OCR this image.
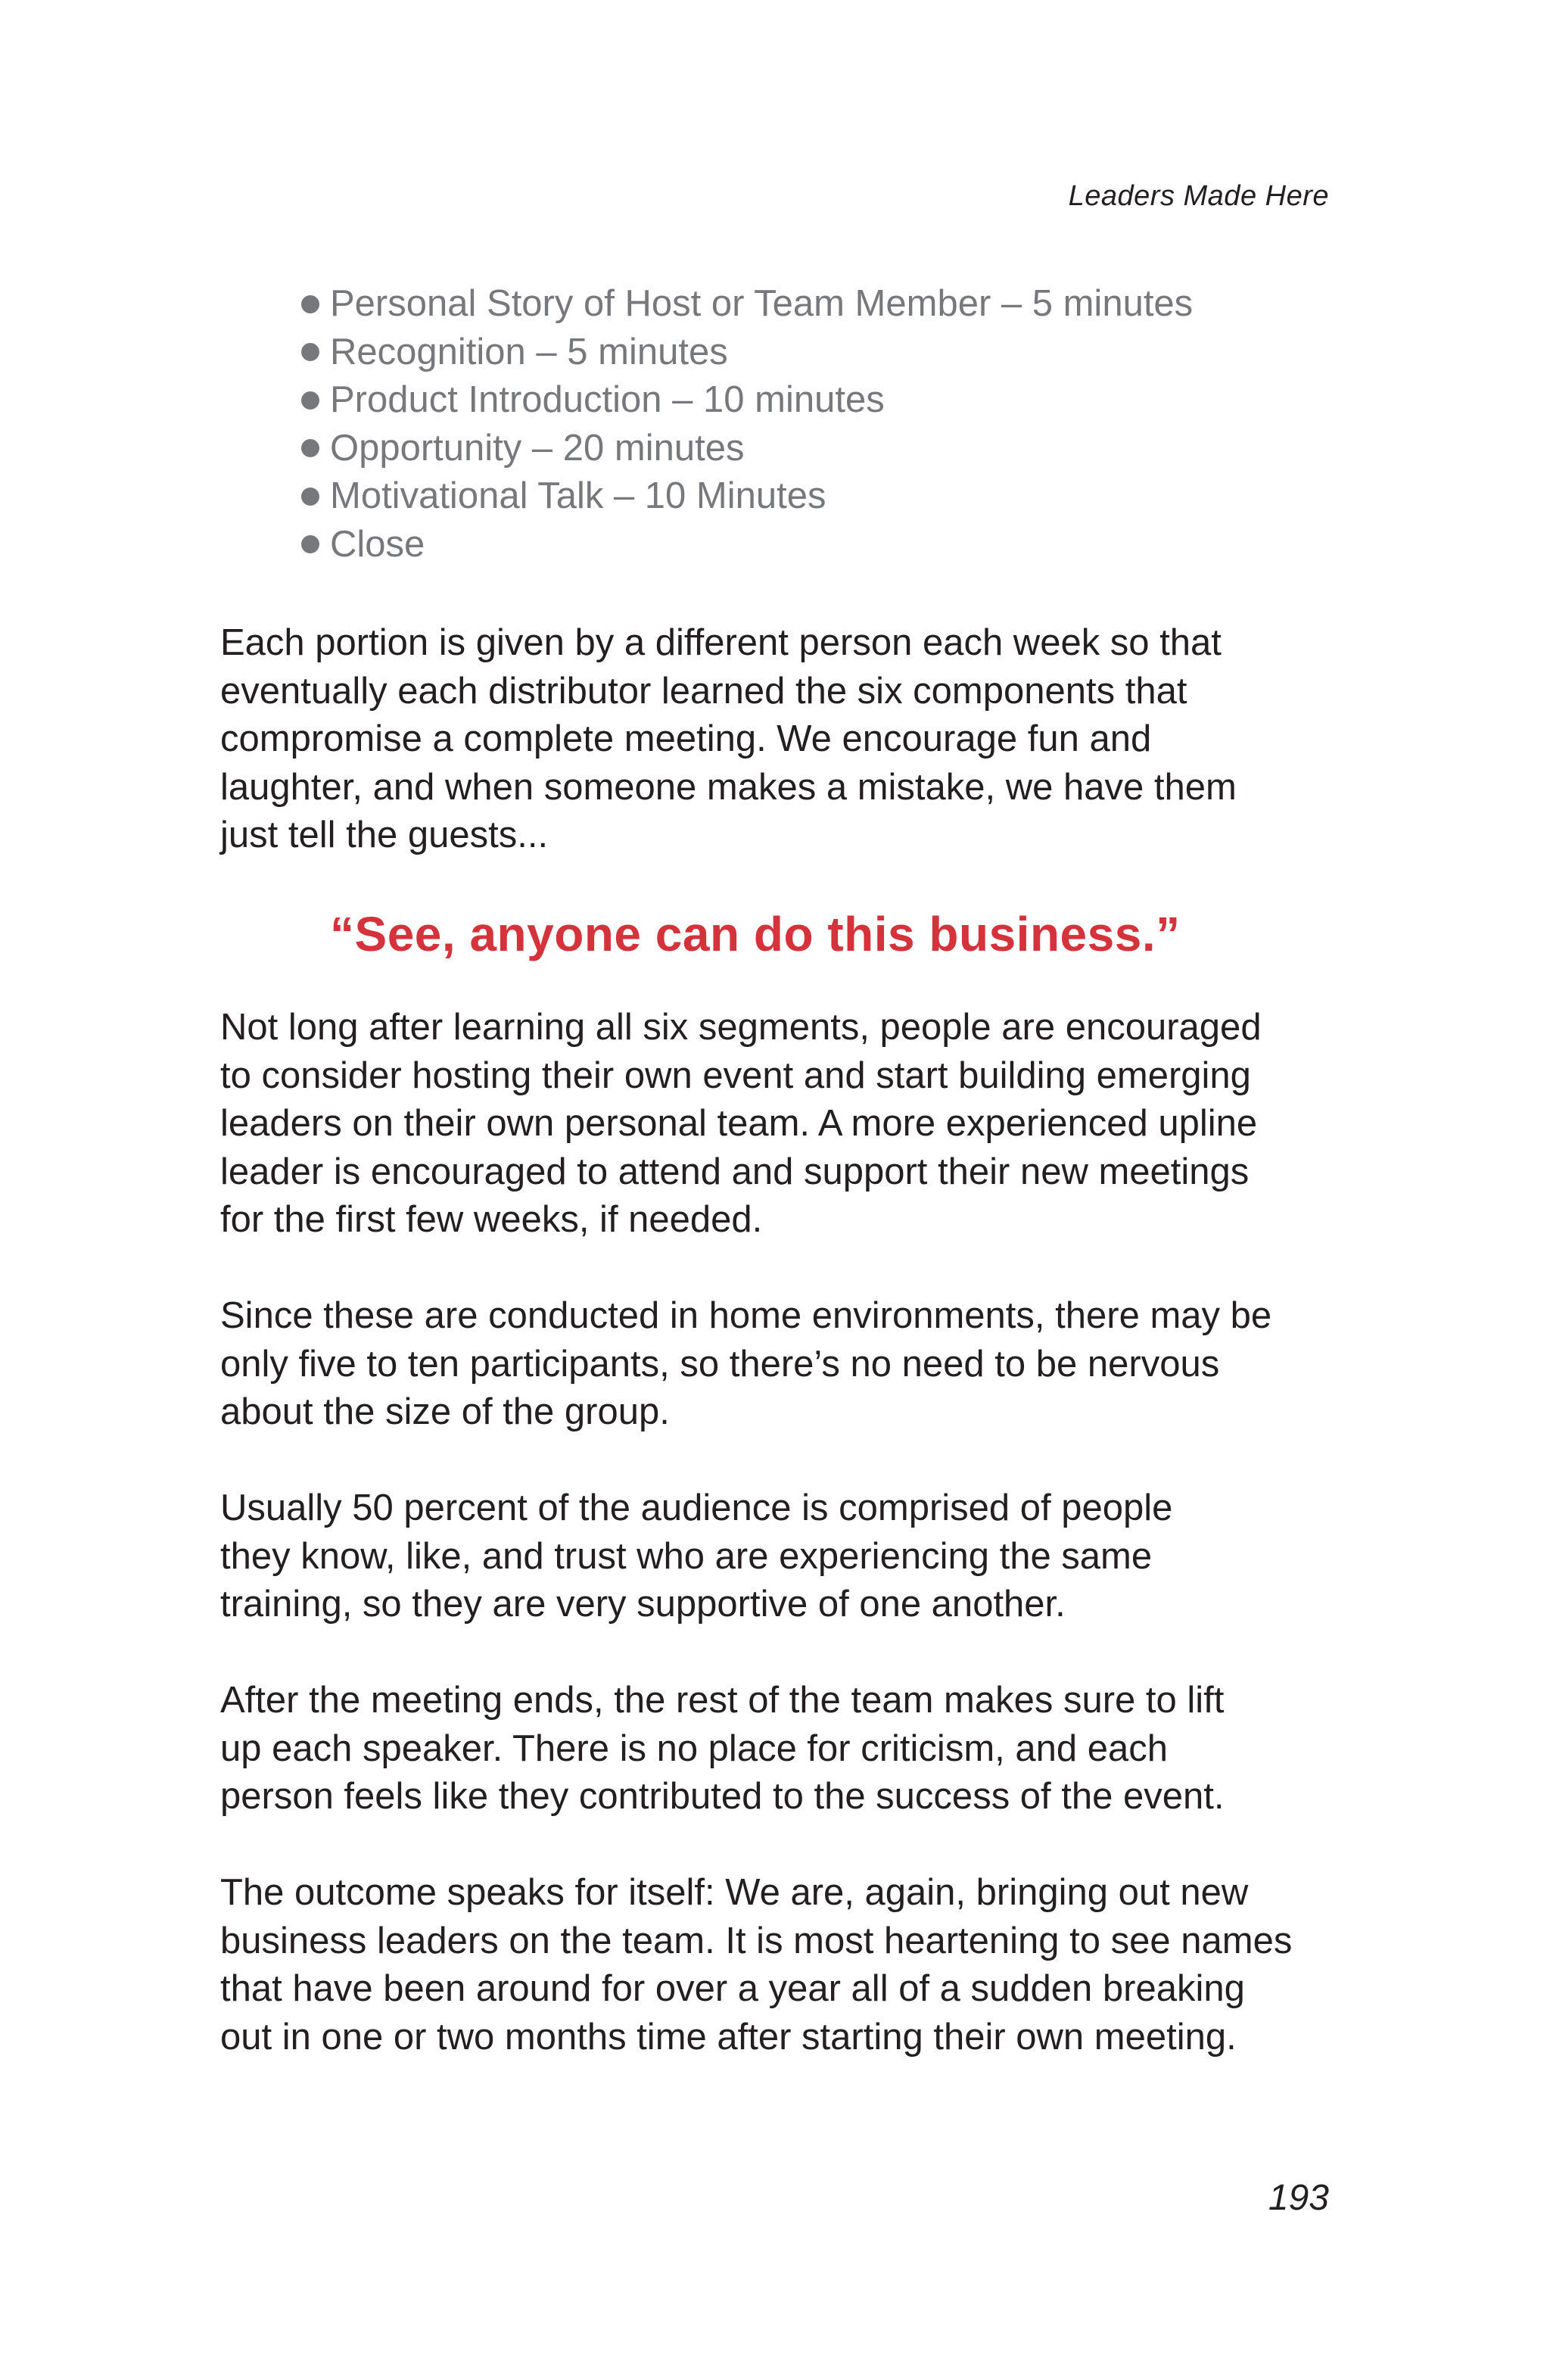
Leaders Made Here
Personal Story of Host or Team Member – 5 minutes
Recognition – 5 minutes
Product Introduction – 10 minutes
Opportunity – 20 minutes
Motivational Talk – 10 Minutes
Close

Each portion is given by a different person each week so that
eventually each distributor learned the six components that
compromise a complete meeting. We encourage fun and
laughter, and when someone makes a mistake, we have them
just tell the guests...

“See, anyone can do this business.”

Not long after learning all six segments, people are encouraged
to consider hosting their own event and start building emerging
leaders on their own personal team. A more experienced upline
leader is encouraged to attend and support their new meetings
for the first few weeks, if needed.

Since these are conducted in home environments, there may be
only five to ten participants, so there’s no need to be nervous
about the size of the group.

Usually 50 percent of the audience is comprised of people
they know, like, and trust who are experiencing the same
training, so they are very supportive of one another.

After the meeting ends, the rest of the team makes sure to lift
up each speaker. There is no place for criticism, and each
person feels like they contributed to the success of the event.

The outcome speaks for itself: We are, again, bringing out new
business leaders on the team. It is most heartening to see names
that have been around for over a year all of a sudden breaking
out in one or two months time after starting their own meeting.

193
